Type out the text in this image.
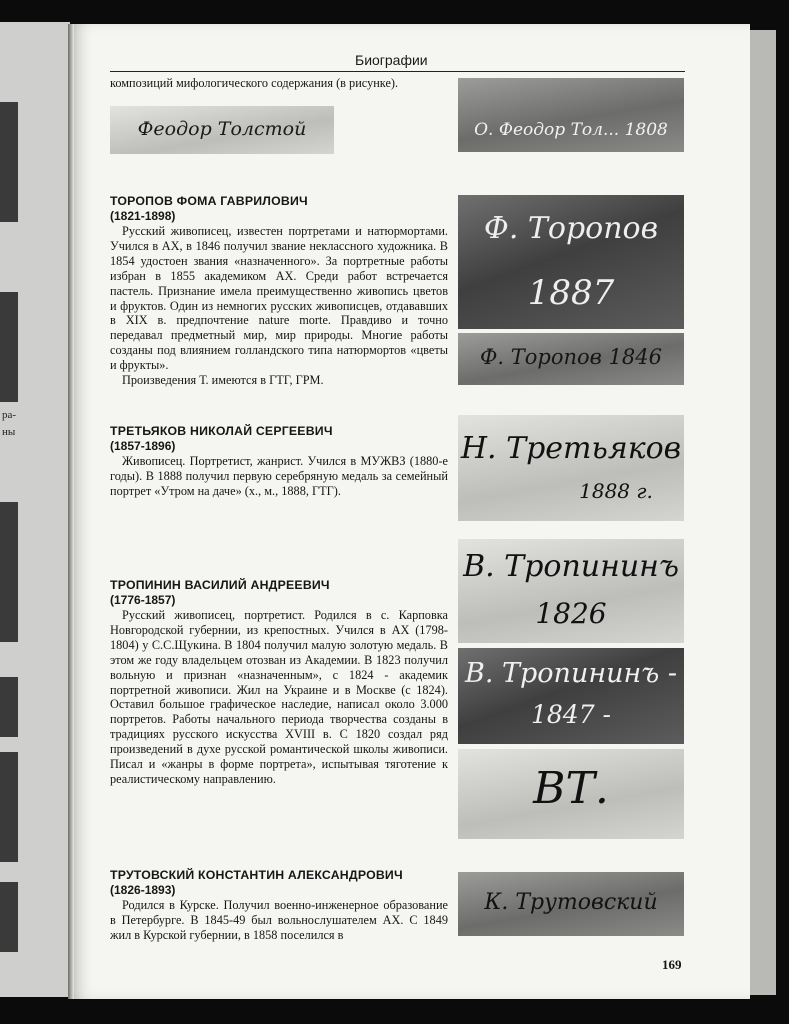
ра-
ны
Биографии

композиций мифологического содержания (в рисунке).

ТОРОПОВ ФОМА ГАВРИЛОВИЧ
(1821-1898)

Русский живописец, известен портретами и натюрмортами. Учился в АХ, в 1846 получил звание неклассного художника. В 1854 удостоен звания «назначенного». За портретные работы избран в 1855 академиком АХ. Среди работ встречается пастель. Признание имела преимущественно живопись цветов и фруктов. Один из немногих русских живописцев, отдававших в XIX в. предпочтение nature morte. Правдиво и точно передавал предметный мир, мир природы. Многие работы созданы под влиянием голландского типа натюрмортов «цветы и фрукты».

Произведения Т. имеются в ГТГ, ГРМ.

ТРЕТЬЯКОВ НИКОЛАЙ СЕРГЕЕВИЧ
(1857-1896)

Живописец. Портретист, жанрист. Учился в МУЖВЗ (1880-е годы). В 1888 получил первую серебряную медаль за семейный портрет «Утром на даче» (х., м., 1888, ГТГ).

ТРОПИНИН ВАСИЛИЙ АНДРЕЕВИЧ
(1776-1857)

Русский живописец, портретист. Родился в с. Карповка Новгородской губернии, из крепостных. Учился в АХ (1798-1804) у С.С.Щукина. В 1804 получил малую золотую медаль. В этом же году владельцем отозван из Академии. В 1823 получил вольную и признан «назначенным», с 1824 - академик портретной живописи. Жил на Украине и в Москве (с 1824). Оставил большое графическое наследие, написал около 3.000 портретов. Работы начального периода творчества созданы в традициях русского искусства XVIII в. С 1820 создал ряд произведений в духе русской романтической школы живописи. Писал и «жанры в форме портрета», испытывая тяготение к реалистическому направлению.

ТРУТОВСКИЙ КОНСТАНТИН АЛЕКСАНДРОВИЧ
(1826-1893)

Родился в Курске. Получил военно-инженерное образование в Петербурге. В 1845-49 был вольнослушателем АХ. С 1849 жил в Курской губернии, в 1858 поселился в

Феодор Толстой	О. Феодор Тол... 1808
Ф. Торопов
1887
Ф. Торопов 1846
Н. Третьяков
1888 г.
В. Тропининъ
1826
В. Тропининъ -
1847 -
ВТ.
К. Трутовский
169
